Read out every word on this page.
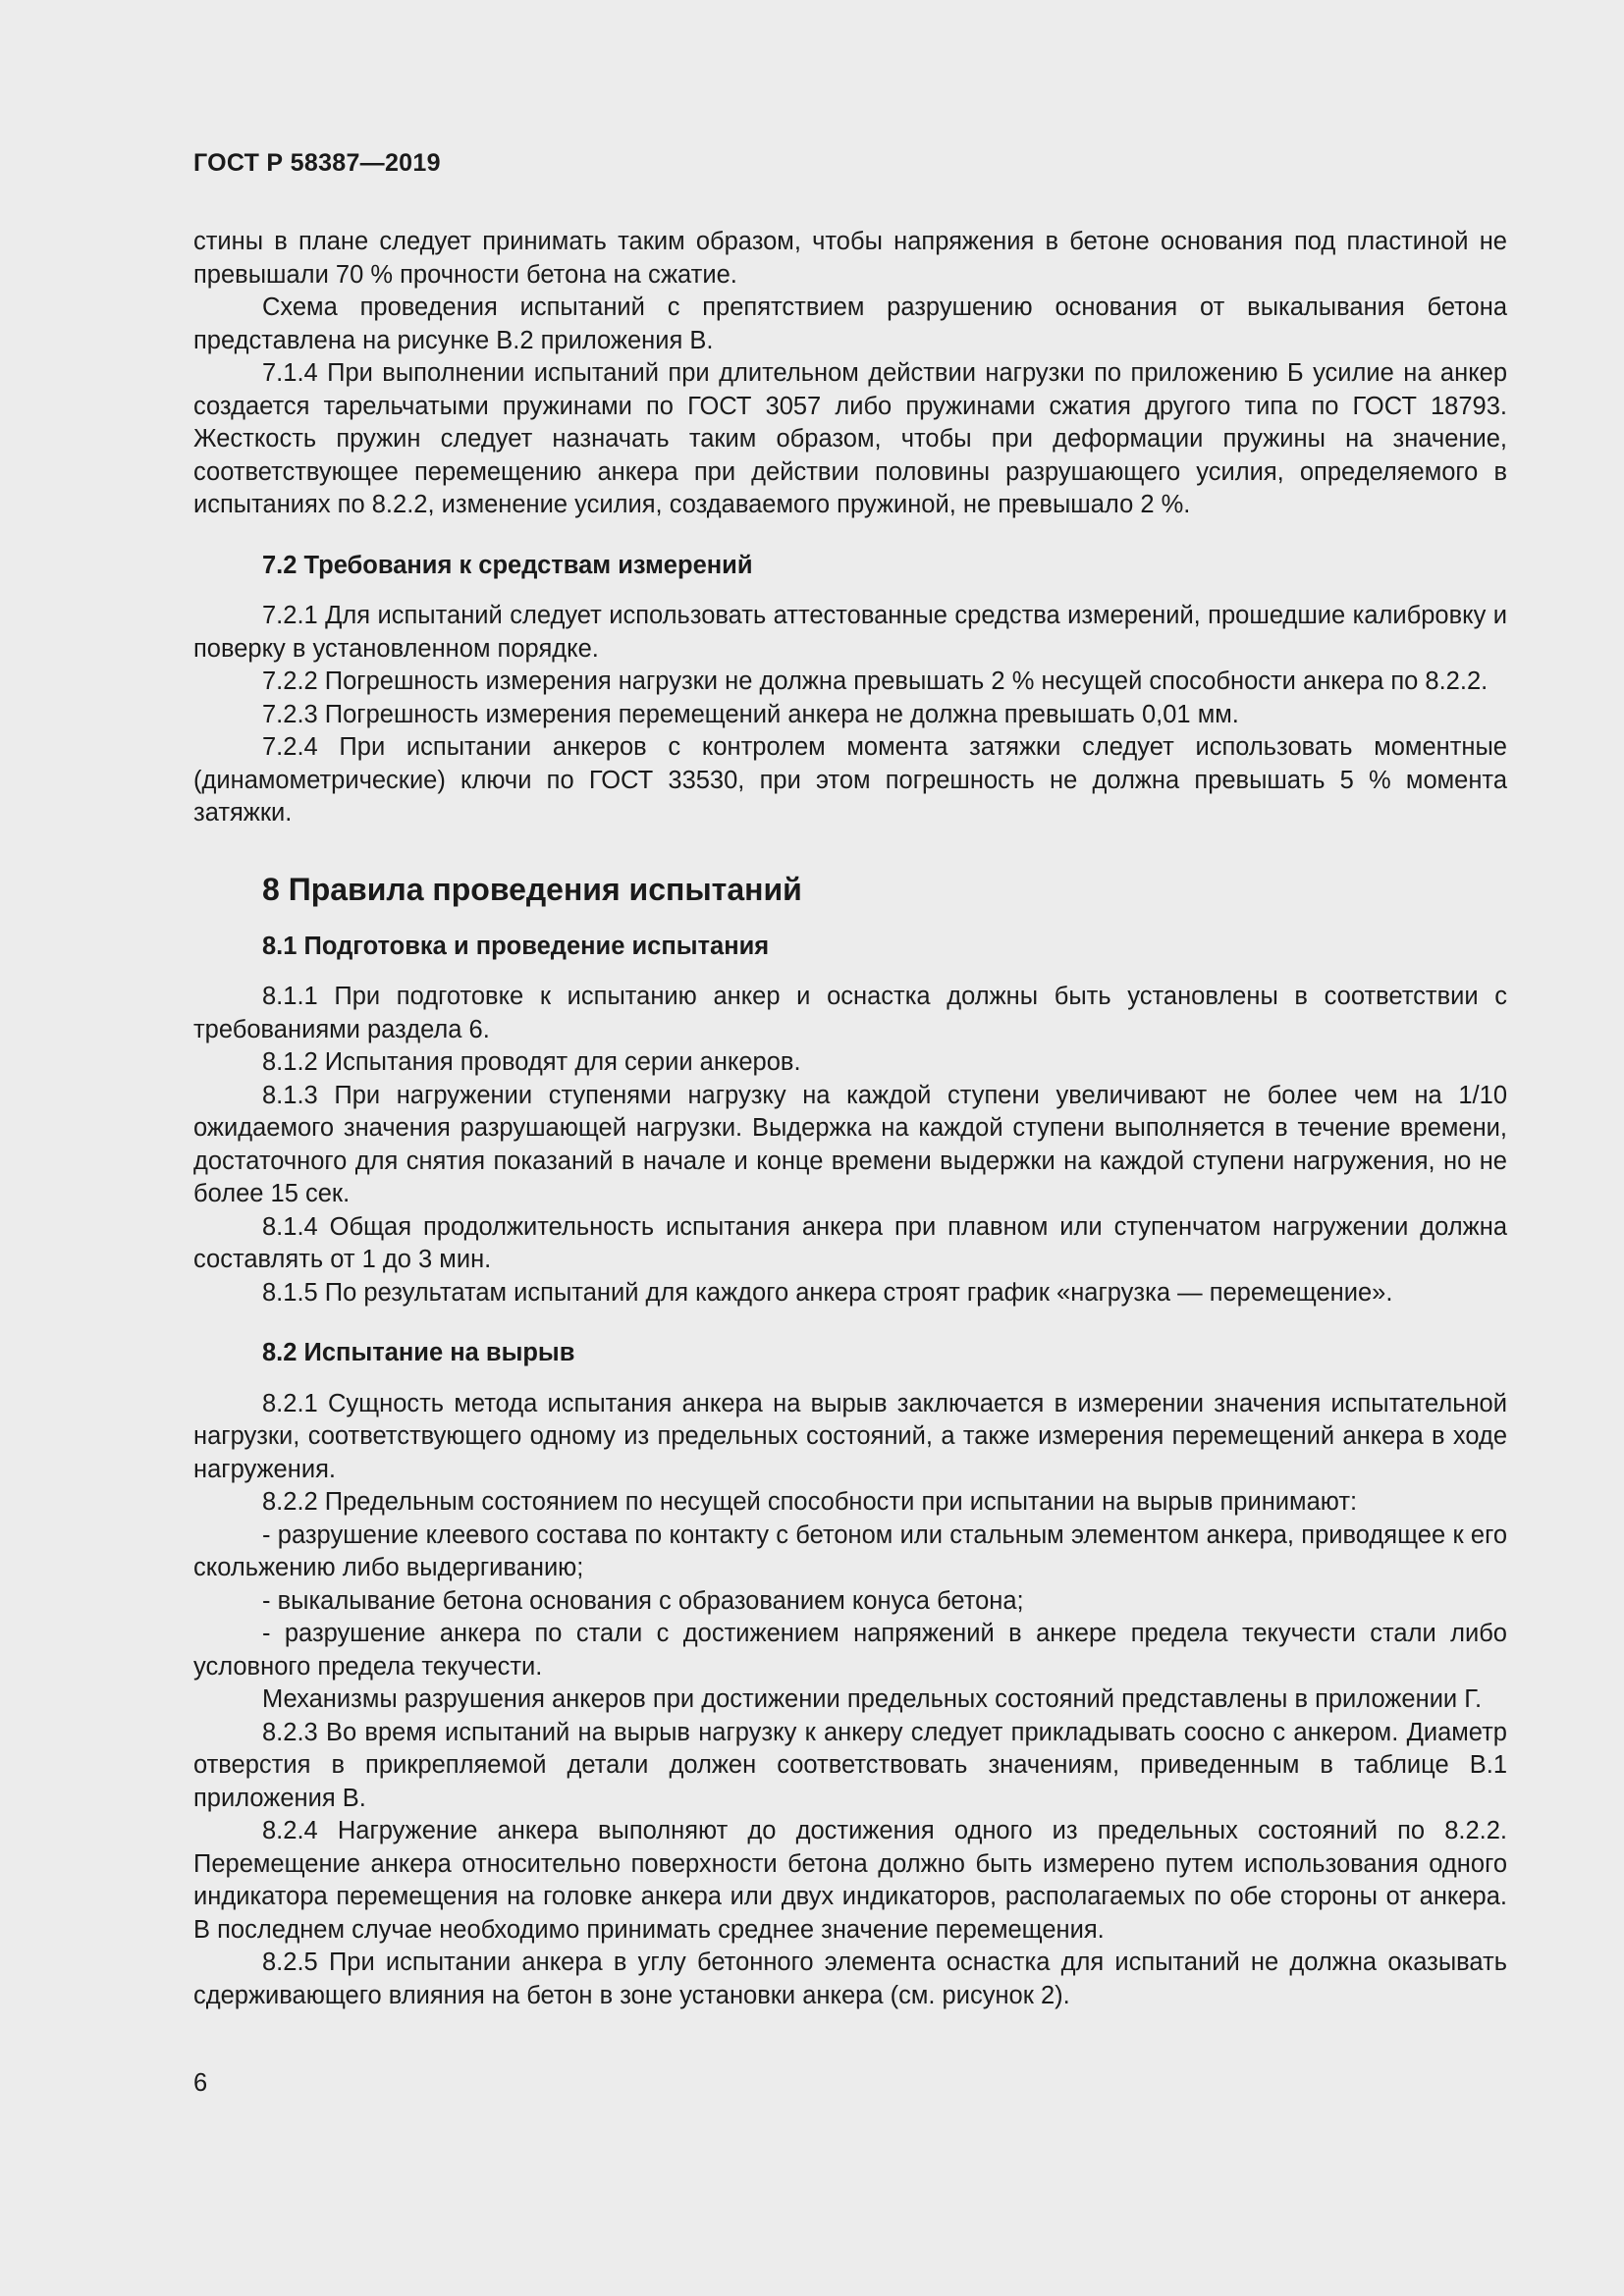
ГОСТ Р 58387—2019

стины в плане следует принимать таким образом, чтобы напряжения в бетоне основания под пластиной не превышали 70 % прочности бетона на сжатие.

Схема проведения испытаний с препятствием разрушению основания от выкалывания бетона представлена на рисунке В.2 приложения В.

7.1.4 При выполнении испытаний при длительном действии нагрузки по приложению Б усилие на анкер создается тарельчатыми пружинами по ГОСТ 3057 либо пружинами сжатия другого типа по ГОСТ 18793. Жесткость пружин следует назначать таким образом, чтобы при деформации пружины на значение, соответствующее перемещению анкера при действии половины разрушающего усилия, определяемого в испытаниях по 8.2.2, изменение усилия, создаваемого пружиной, не превышало 2 %.

7.2 Требования к средствам измерений

7.2.1 Для испытаний следует использовать аттестованные средства измерений, прошедшие калибровку и поверку в установленном порядке.

7.2.2 Погрешность измерения нагрузки не должна превышать 2 % несущей способности анкера по 8.2.2.

7.2.3 Погрешность измерения перемещений анкера не должна превышать 0,01 мм.

7.2.4 При испытании анкеров с контролем момента затяжки следует использовать моментные (динамометрические) ключи по ГОСТ 33530, при этом погрешность не должна превышать 5 % момента затяжки.

8 Правила проведения испытаний
8.1 Подготовка и проведение испытания

8.1.1 При подготовке к испытанию анкер и оснастка должны быть установлены в соответствии с требованиями раздела 6.

8.1.2 Испытания проводят для серии анкеров.

8.1.3 При нагружении ступенями нагрузку на каждой ступени увеличивают не более чем на 1/10 ожидаемого значения разрушающей нагрузки. Выдержка на каждой ступени выполняется в течение времени, достаточного для снятия показаний в начале и конце времени выдержки на каждой ступени нагружения, но не более 15 сек.

8.1.4 Общая продолжительность испытания анкера при плавном или ступенчатом нагружении должна составлять от 1 до 3 мин.

8.1.5 По результатам испытаний для каждого анкера строят график «нагрузка — перемещение».

8.2 Испытание на вырыв

8.2.1 Сущность метода испытания анкера на вырыв заключается в измерении значения испытательной нагрузки, соответствующего одному из предельных состояний, а также измерения перемещений анкера в ходе нагружения.

8.2.2 Предельным состоянием по несущей способности при испытании на вырыв принимают:

- разрушение клеевого состава по контакту с бетоном или стальным элементом анкера, приводящее к его скольжению либо выдергиванию;

- выкалывание бетона основания с образованием конуса бетона;

- разрушение анкера по стали с достижением напряжений в анкере предела текучести стали либо условного предела текучести.

Механизмы разрушения анкеров при достижении предельных состояний представлены в приложении Г.

8.2.3 Во время испытаний на вырыв нагрузку к анкеру следует прикладывать соосно с анкером. Диаметр отверстия в прикрепляемой детали должен соответствовать значениям, приведенным в таблице В.1 приложения В.

8.2.4 Нагружение анкера выполняют до достижения одного из предельных состояний по 8.2.2. Перемещение анкера относительно поверхности бетона должно быть измерено путем использования одного индикатора перемещения на головке анкера или двух индикаторов, располагаемых по обе стороны от анкера. В последнем случае необходимо принимать среднее значение перемещения.

8.2.5 При испытании анкера в углу бетонного элемента оснастка для испытаний не должна оказывать сдерживающего влияния на бетон в зоне установки анкера (см. рисунок 2).

6
